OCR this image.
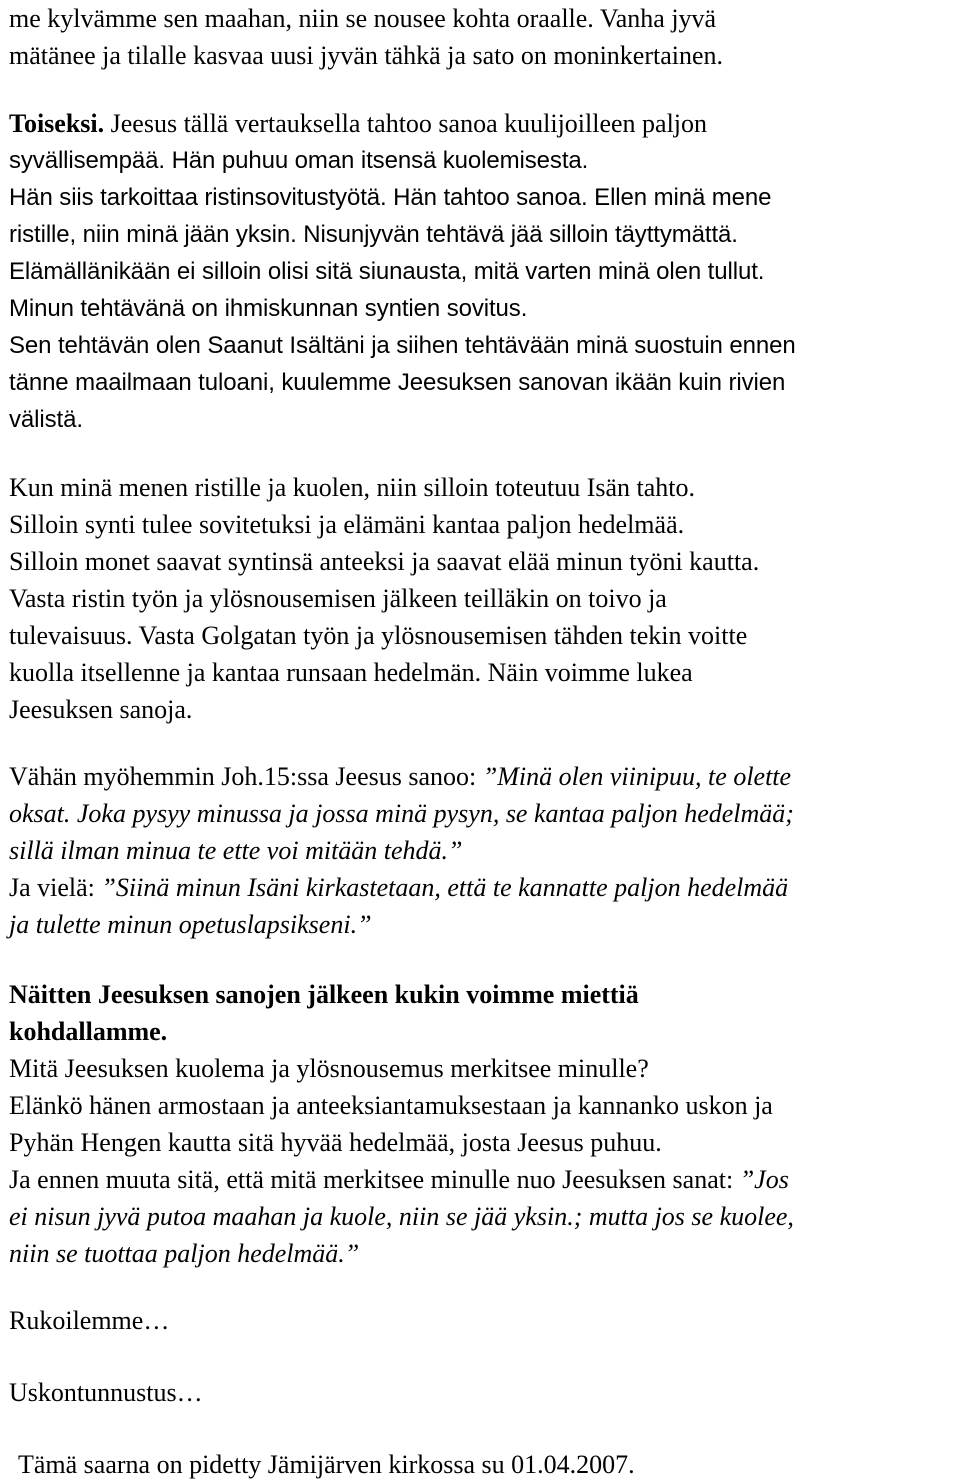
me kylvämme sen maahan, niin se nousee kohta oraalle. Vanha jyvä
mätänee ja tilalle kasvaa uusi jyvän tähkä ja sato on moninkertainen.
Toiseksi. Jeesus tällä vertauksella tahtoo sanoa kuulijoilleen paljon
syvällisempää. Hän puhuu oman itsensä kuolemisesta.
Hän siis tarkoittaa ristinsovitustyötä. Hän tahtoo sanoa. Ellen minä mene
ristille, niin minä jään yksin. Nisunjyvän tehtävä jää silloin täyttymättä.
Elämällänikään ei silloin olisi sitä siunausta, mitä varten minä olen tullut.
Minun tehtävänä on ihmiskunnan syntien sovitus.
Sen tehtävän olen Saanut Isältäni ja siihen tehtävään minä suostuin ennen
tänne maailmaan tuloani, kuulemme Jeesuksen sanovan ikään kuin rivien
välistä.
Kun minä menen ristille ja kuolen, niin silloin toteutuu Isän tahto.
Silloin synti tulee sovitetuksi ja elämäni kantaa paljon hedelmää.
Silloin monet saavat syntinsä anteeksi ja saavat elää minun työni kautta.
Vasta ristin työn ja ylösnousemisen jälkeen teilläkin on toivo ja
tulevaisuus. Vasta Golgatan työn ja ylösnousemisen tähden tekin voitte
kuolla itsellenne ja kantaa runsaan hedelmän. Näin voimme lukea
Jeesuksen sanoja.
Vähän myöhemmin Joh.15:ssa Jeesus sanoo: ”Minä olen viinipuu, te olette
oksat. Joka pysyy minussa ja jossa minä pysyn, se kantaa paljon hedelmää;
sillä ilman minua te ette voi mitään tehdä.”
Ja vielä: ”Siinä minun Isäni kirkastetaan, että te kannatte paljon hedelmää
ja tulette minun opetuslapsikseni.”
Näitten Jeesuksen sanojen jälkeen kukin voimme miettiä
kohdallamme.
Mitä Jeesuksen kuolema ja ylösnousemus merkitsee minulle?
Elänkö hänen armostaan ja anteeksiantamuksestaan ja kannanko uskon ja
Pyhän Hengen kautta sitä hyvää hedelmää, josta Jeesus puhuu.
Ja ennen muuta sitä, että mitä merkitsee minulle nuo Jeesuksen sanat: ”Jos
ei nisun jyvä putoa maahan ja kuole, niin se jää yksin.; mutta jos se kuolee,
niin se tuottaa paljon hedelmää.”
Rukoilemme…
Uskontunnustus…
Tämä saarna on pidetty Jämijärven kirkossa su 01.04.2007.
